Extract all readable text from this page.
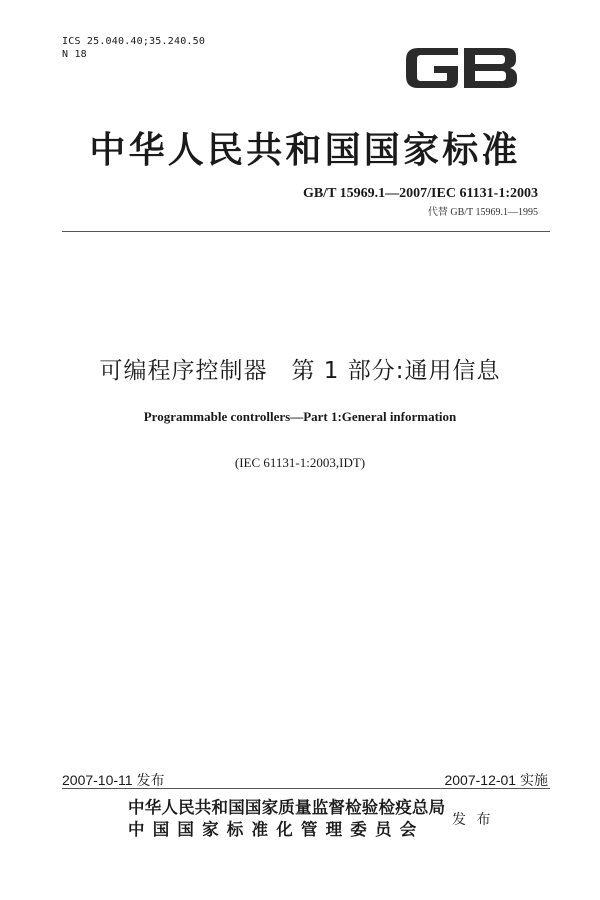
ICS 25.040.40;35.240.50
N 18
中华人民共和国国家标准
GB/T 15969.1—2007/IEC 61131-1:2003
代替 GB/T 15969.1—1995
可编程序控制器　第 1 部分:通用信息
Programmable controllers—Part 1:General information
(IEC 61131-1:2003,IDT)
2007-10-11 发布	2007-12-01 实施
中华人民共和国国家质量监督检验检疫总局
中国国家标准化管理委员会	发 布
